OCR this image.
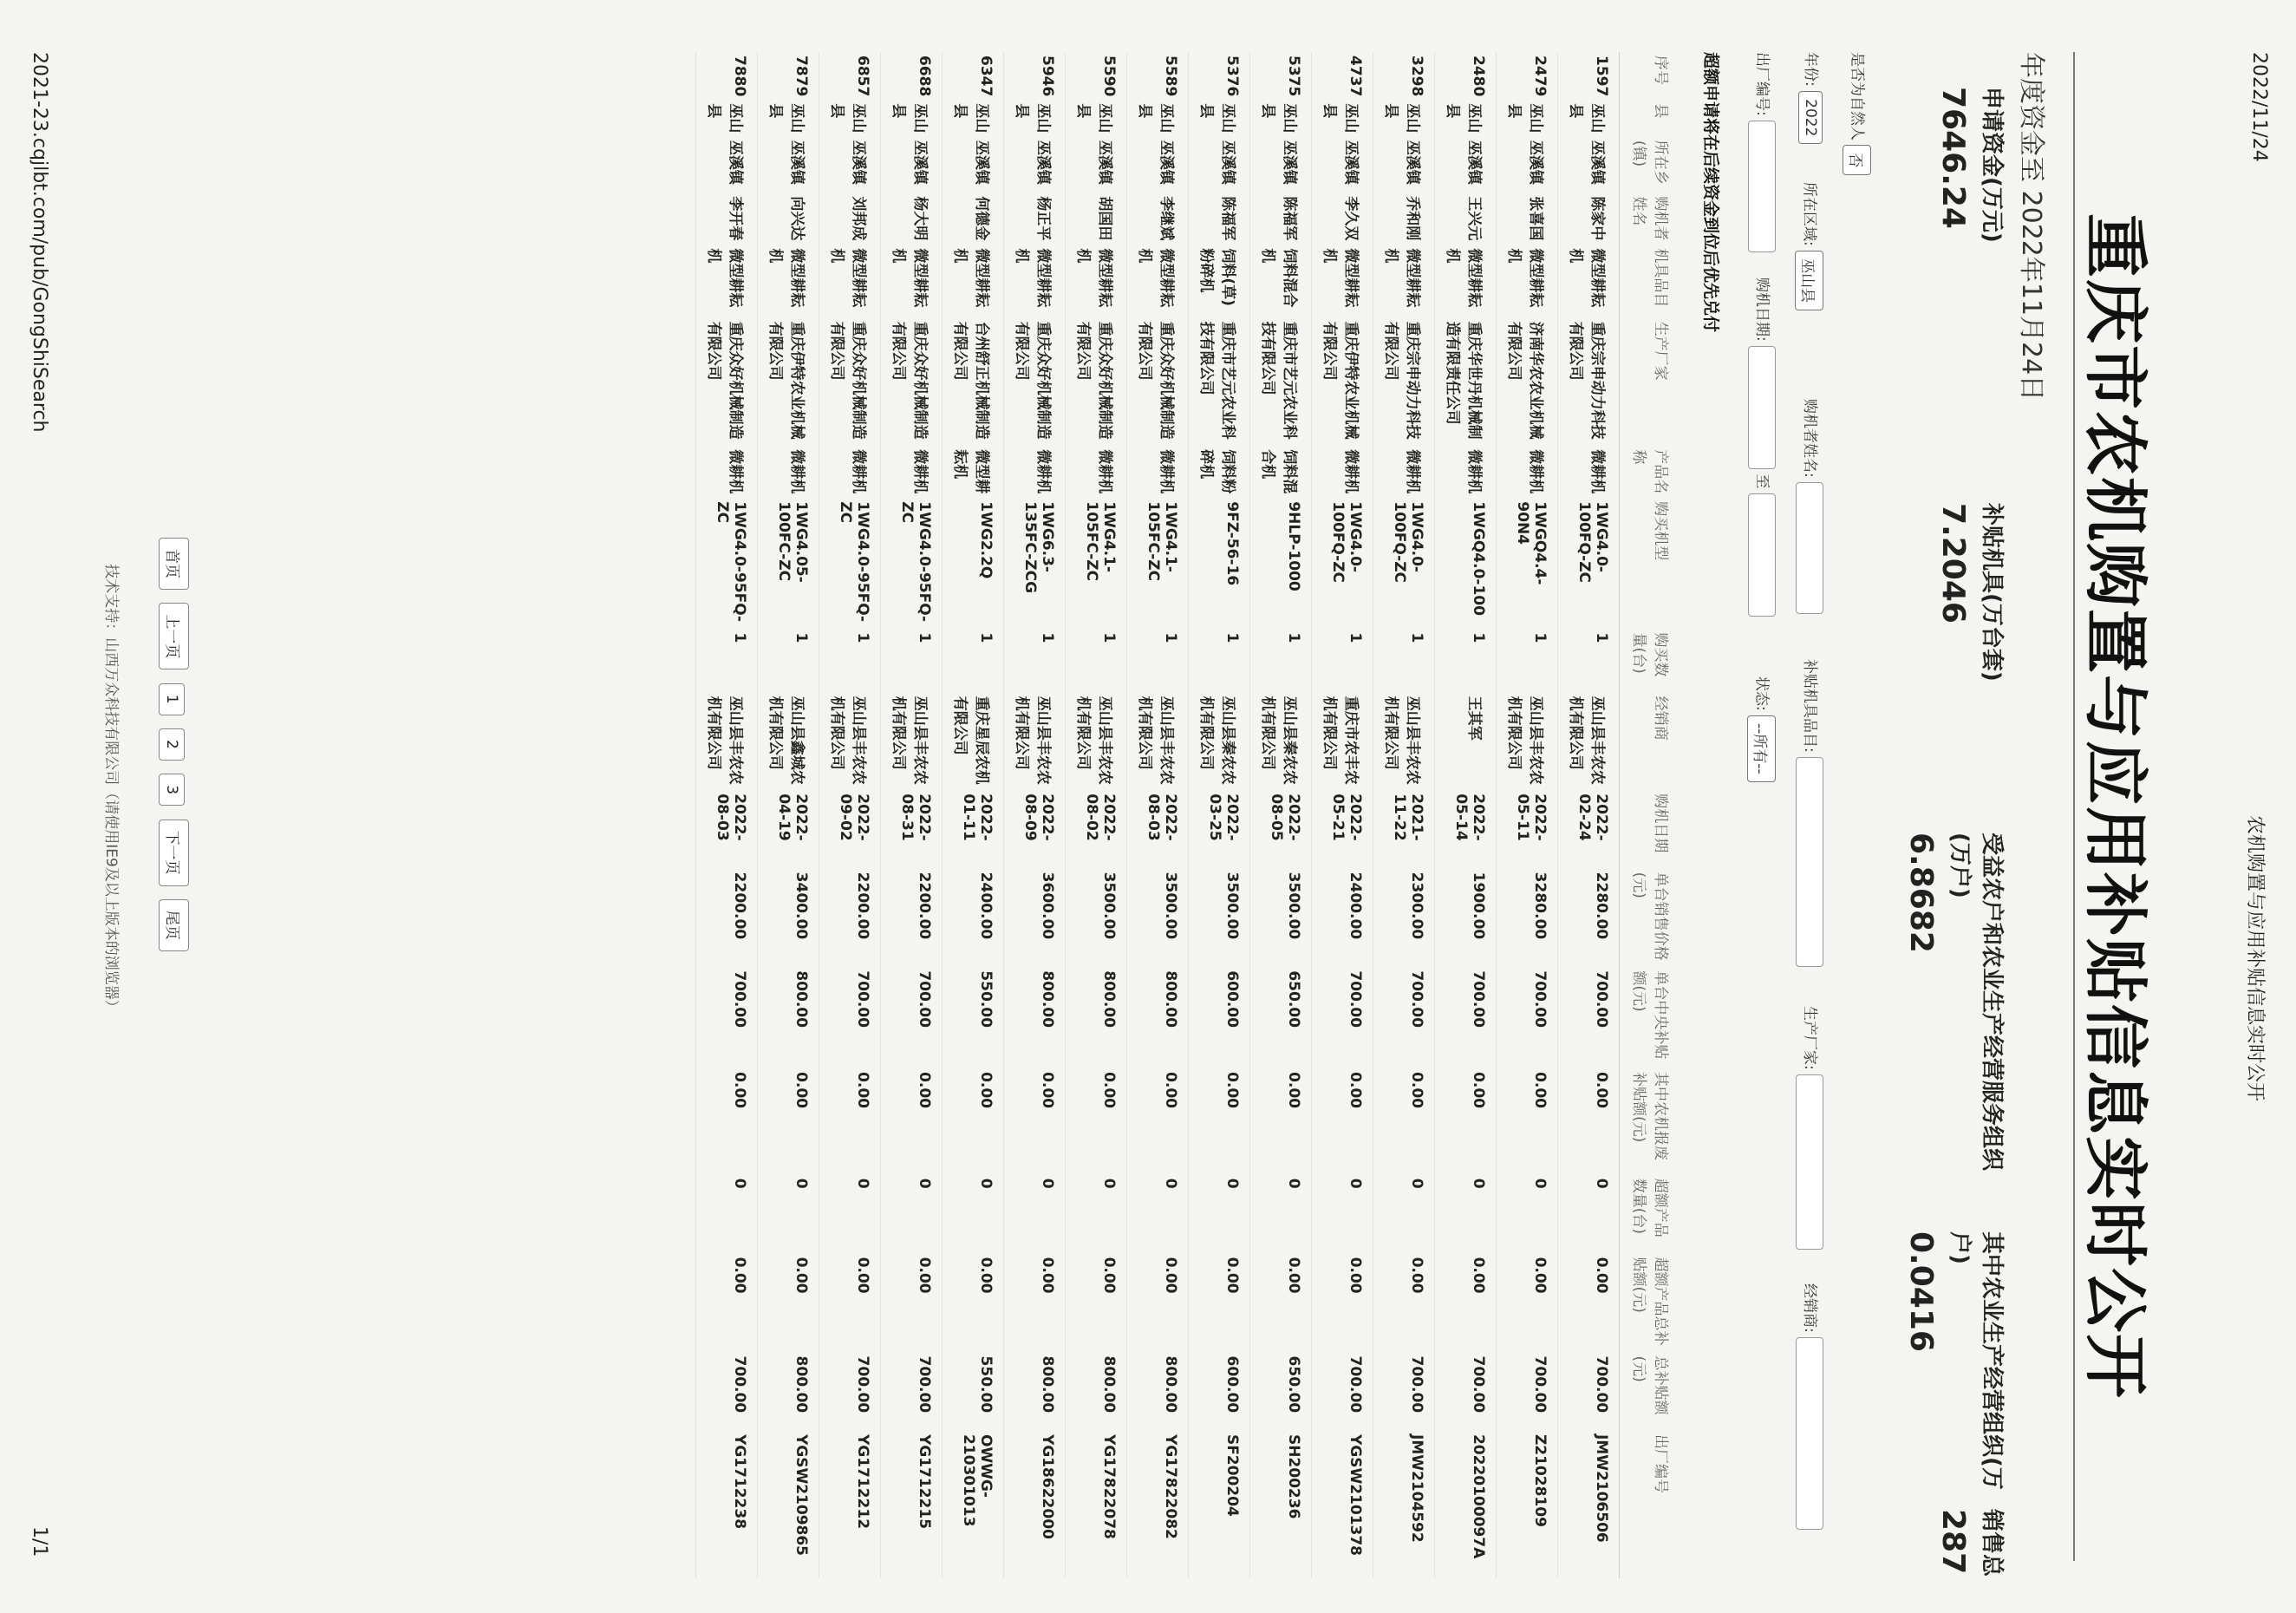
2022/11/24
农机购置与应用补贴信息实时公开
2021-23.cqjlbt.com/pub/GongShiSearch
1/1
重庆市农机购置与应用补贴信息实时公开
年度资金至 2022年11月24日
申请资金(万元)
7646.24
补贴机具(万台套)
7.2046
受益农户和农业生产经营服务组织(万户)
6.8682
其中农业生产经营组织(万户)
0.0416
销售总
287
是否为自然人 否
年份: 2022
所在区域: 巫山县
购机者姓名:
补贴机具品目:
生产厂家:
经销商:
出厂编号:
购机日期:  至
状态: --所有--
超额申请将在后续资金到位后优先兑付
序号	县	所在乡(镇)	购机者姓名	机具品目	生产厂家	产品名称	购买机型	购买数量(台)	经销商	购机日期	单台销售价格(元)	单台中央补贴额(元)	其中农机报废补贴额(元)	超额产品数量(台)	超额产品总补贴额(元)	总补贴额(元)	出厂编号
1597	巫山县	巫溪镇	陈家中	微型耕耘机	重庆宗申动力科技有限公司	微耕机	1WG4.0-100FQ-ZC	1	巫山县丰农农机有限公司	2022-02-24	2280.00	700.00	0.00	0	0.00	700.00	JMW2106506
2479	巫山县	巫溪镇	张喜国	微型耕耘机	济南华农农业机械有限公司	微耕机	1WGQ4.4-90N4	1	巫山县丰农农机有限公司	2022-05-11	3280.00	700.00	0.00	0	0.00	700.00	Z21028109
2480	巫山县	巫溪镇	王兴元	微型耕耘机	重庆华世丹机械制造有限责任公司	微耕机	1WGQ4.0-100	1	王其军	2022-05-14	1900.00	700.00	0.00	0	0.00	700.00	20220100097A
3298	巫山县	巫溪镇	乔和刚	微型耕耘机	重庆宗申动力科技有限公司	微耕机	1WG4.0-100FQ-ZC	1	巫山县丰农农机有限公司	2021-11-22	2300.00	700.00	0.00	0	0.00	700.00	JMW2104592
4737	巫山县	巫溪镇	李久双	微型耕耘机	重庆伊特农业机械有限公司	微耕机	1WG4.0-100FQ-ZC	1	重庆市农丰农机有限公司	2022-05-21	2400.00	700.00	0.00	0	0.00	700.00	YGSW2101378
5375	巫山县	巫溪镇	陈福军	饲料混合机	重庆市艺元农业科技有限公司	饲料混合机	9HLP-1000	1	巫山县秦农农机有限公司	2022-08-05	3500.00	650.00	0.00	0	0.00	650.00	SH200236
5376	巫山县	巫溪镇	陈福军	饲料(草)粉碎机	重庆市艺元农业科技有限公司	饲料粉碎机	9FZ-56-16	1	巫山县秦农农机有限公司	2022-03-25	3500.00	600.00	0.00	0	0.00	600.00	SF200204
5589	巫山县	巫溪镇	李继斌	微型耕耘机	重庆众好机械制造有限公司	微耕机	1WG4.1-105FC-ZC	1	巫山县丰农农机有限公司	2022-08-03	3500.00	800.00	0.00	0	0.00	800.00	YG17822082
5590	巫山县	巫溪镇	胡国田	微型耕耘机	重庆众好机械制造有限公司	微耕机	1WG4.1-105FC-ZC	1	巫山县丰农农机有限公司	2022-08-02	3500.00	800.00	0.00	0	0.00	800.00	YG17822078
5946	巫山县	巫溪镇	杨正平	微型耕耘机	重庆众好机械制造有限公司	微耕机	1WG6.3-135FC-ZCG	1	巫山县丰农农机有限公司	2022-08-09	3600.00	800.00	0.00	0	0.00	800.00	YG18622000
6347	巫山县	巫溪镇	何德金	微型耕耘机	台州舒正机械制造有限公司	微型耕耘机	1WG2.2Q	1	重庆星辰农机有限公司	2022-01-11	2400.00	550.00	0.00	0	0.00	550.00	OWWG-210301013
6688	巫山县	巫溪镇	杨大明	微型耕耘机	重庆众好机械制造有限公司	微耕机	1WG4.0-95FQ-ZC	1	巫山县丰农农机有限公司	2022-08-31	2200.00	700.00	0.00	0	0.00	700.00	YG1712215
6857	巫山县	巫溪镇	刘邦成	微型耕耘机	重庆众好机械制造有限公司	微耕机	1WG4.0-95FQ-ZC	1	巫山县丰农农机有限公司	2022-09-02	2200.00	700.00	0.00	0	0.00	700.00	YG1712212
7879	巫山县	巫溪镇	向兴达	微型耕耘机	重庆伊特农业机械有限公司	微耕机	1WG4.05-100FC-ZC	1	巫山县鑫城农机有限公司	2022-04-19	3400.00	800.00	0.00	0	0.00	800.00	YGSW2109865
7880	巫山县	巫溪镇	李开春	微型耕耘机	重庆众好机械制造有限公司	微耕机	1WG4.0-95FQ-ZC	1	巫山县丰农农机有限公司	2022-08-03	2200.00	700.00	0.00	0	0.00	700.00	YG1712238
首页 上一页 1 2 3 下一页 尾页
技术支持：山西万众科技有限公司（请使用IE9及以上版本的浏览器）
